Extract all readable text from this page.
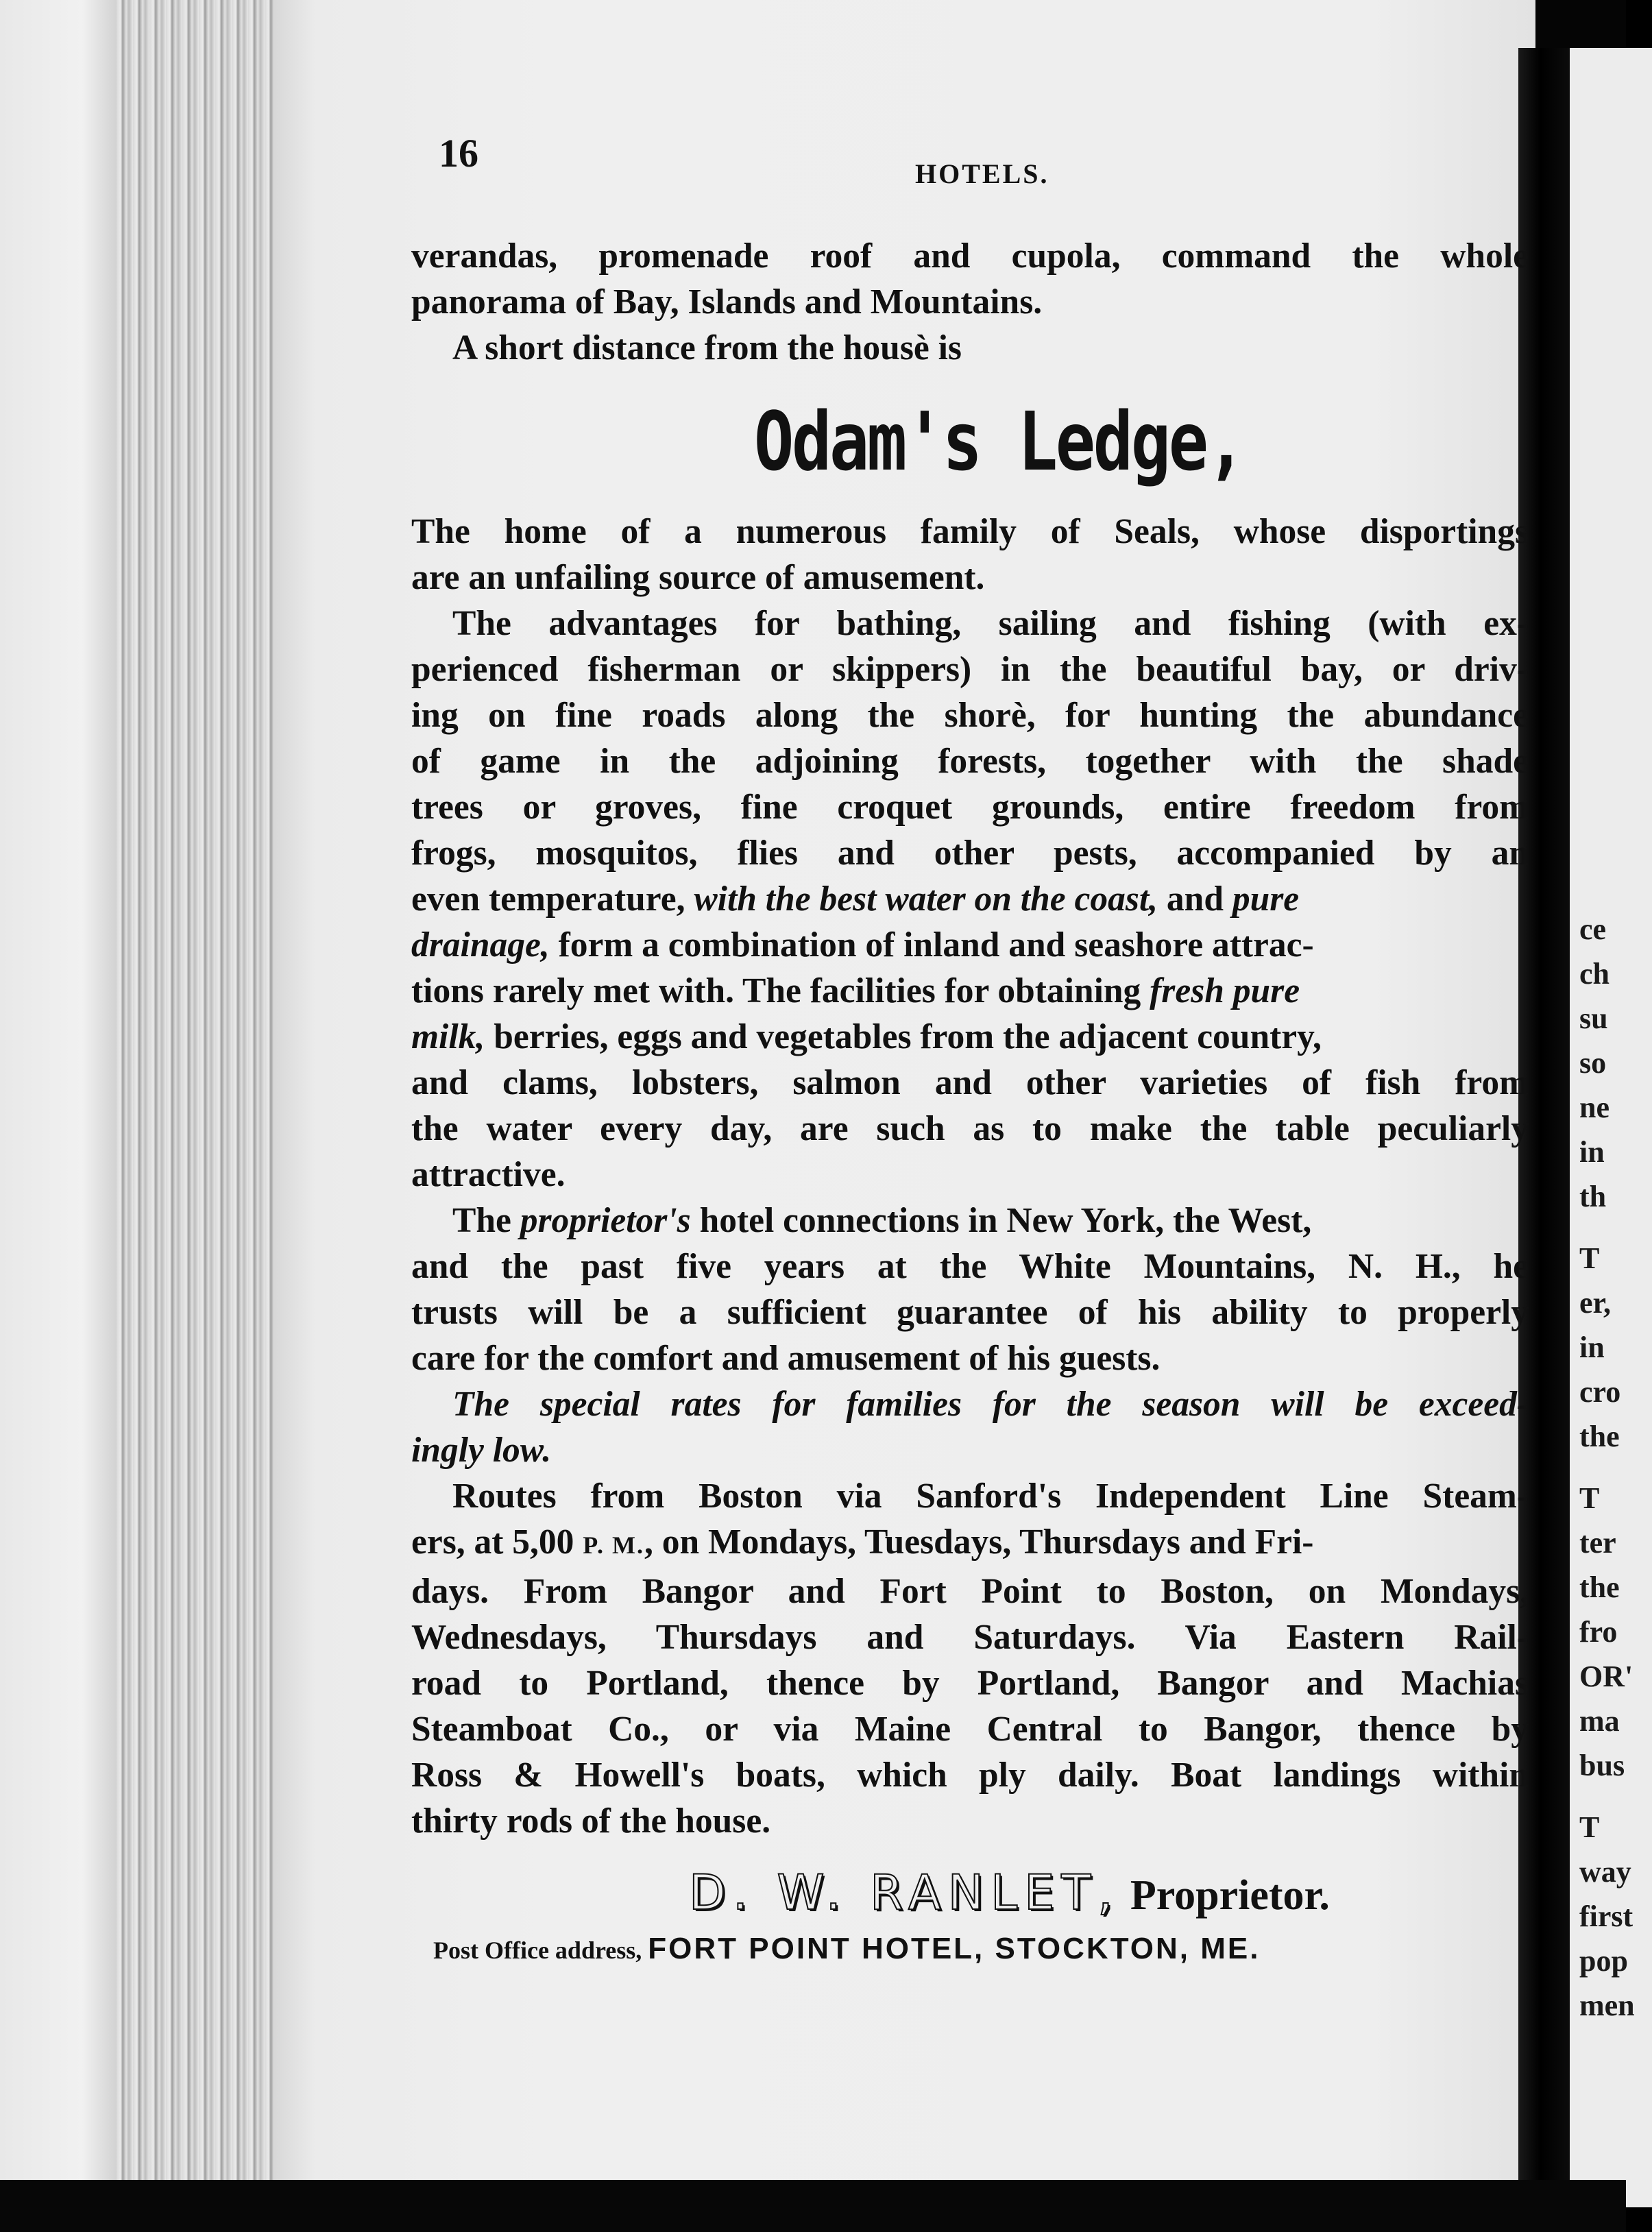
ce
ch
su
so
ne
in
th
T
er,
in
cro
the
T
ter
the
fro
OR'
ma
bus
T
way
first
pop
men
16	HOTELS.
verandas, promenade roof and cupola, command the whole
panorama of Bay, Islands and Mountains.
A short distance from the housè is
The home of a numerous family of Seals, whose disportings
are an unfailing source of amusement.
The advantages for bathing, sailing and fishing (with ex-
perienced fisherman or skippers) in the beautiful bay, or driv-
ing on fine roads along the shorè, for hunting the abundance
of game in the adjoining forests, together with the shade
trees or groves, fine croquet grounds, entire freedom from
frogs, mosquitos, flies and other pests, accompanied by an
even temperature, with the best water on the coast, and pure
drainage, form a combination of inland and seashore attrac-
tions rarely met with. The facilities for obtaining fresh pure
milk, berries, eggs and vegetables from the adjacent country,
and clams, lobsters, salmon and other varieties of fish from
the water every day, are such as to make the table peculiarly
attractive.
The proprietor's hotel connections in New York, the West,
and the past five years at the White Mountains, N. H., he
trusts will be a sufficient guarantee of his ability to properly
care for the comfort and amusement of his guests.
The special rates for families for the season will be exceed-
ingly low.
Routes from Boston via Sanford's Independent Line Steam-
ers, at 5,00 P. M., on Mondays, Tuesdays, Thursdays and Fri-
days. From Bangor and Fort Point to Boston, on Mondays,
Wednesdays, Thursdays and Saturdays. Via Eastern Rail-
road to Portland, thence by Portland, Bangor and Machias
Steamboat Co., or via Maine Central to Bangor, thence by
Ross & Howell's boats, which ply daily. Boat landings within
thirty rods of the house.
Odam's Ledge,
D. W. RANLET, Proprietor.
Post Office address, FORT POINT HOTEL, STOCKTON, ME.
